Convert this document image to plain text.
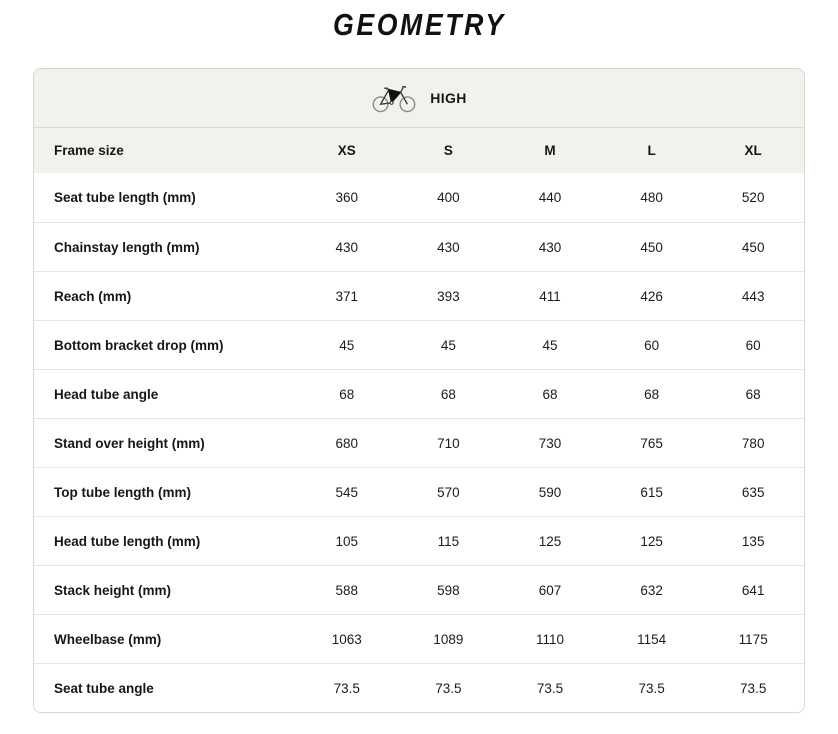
GEOMETRY
HIGH
Frame size	XS	S	M	L	XL
Seat tube length (mm)	360	400	440	480	520
Chainstay length (mm)	430	430	430	450	450
Reach (mm)	371	393	411	426	443
Bottom bracket drop (mm)	45	45	45	60	60
Head tube angle	68	68	68	68	68
Stand over height (mm)	680	710	730	765	780
Top tube length (mm)	545	570	590	615	635
Head tube length (mm)	105	115	125	125	135
Stack height (mm)	588	598	607	632	641
Wheelbase (mm)	1063	1089	1110	1154	1175
Seat tube angle	73.5	73.5	73.5	73.5	73.5
